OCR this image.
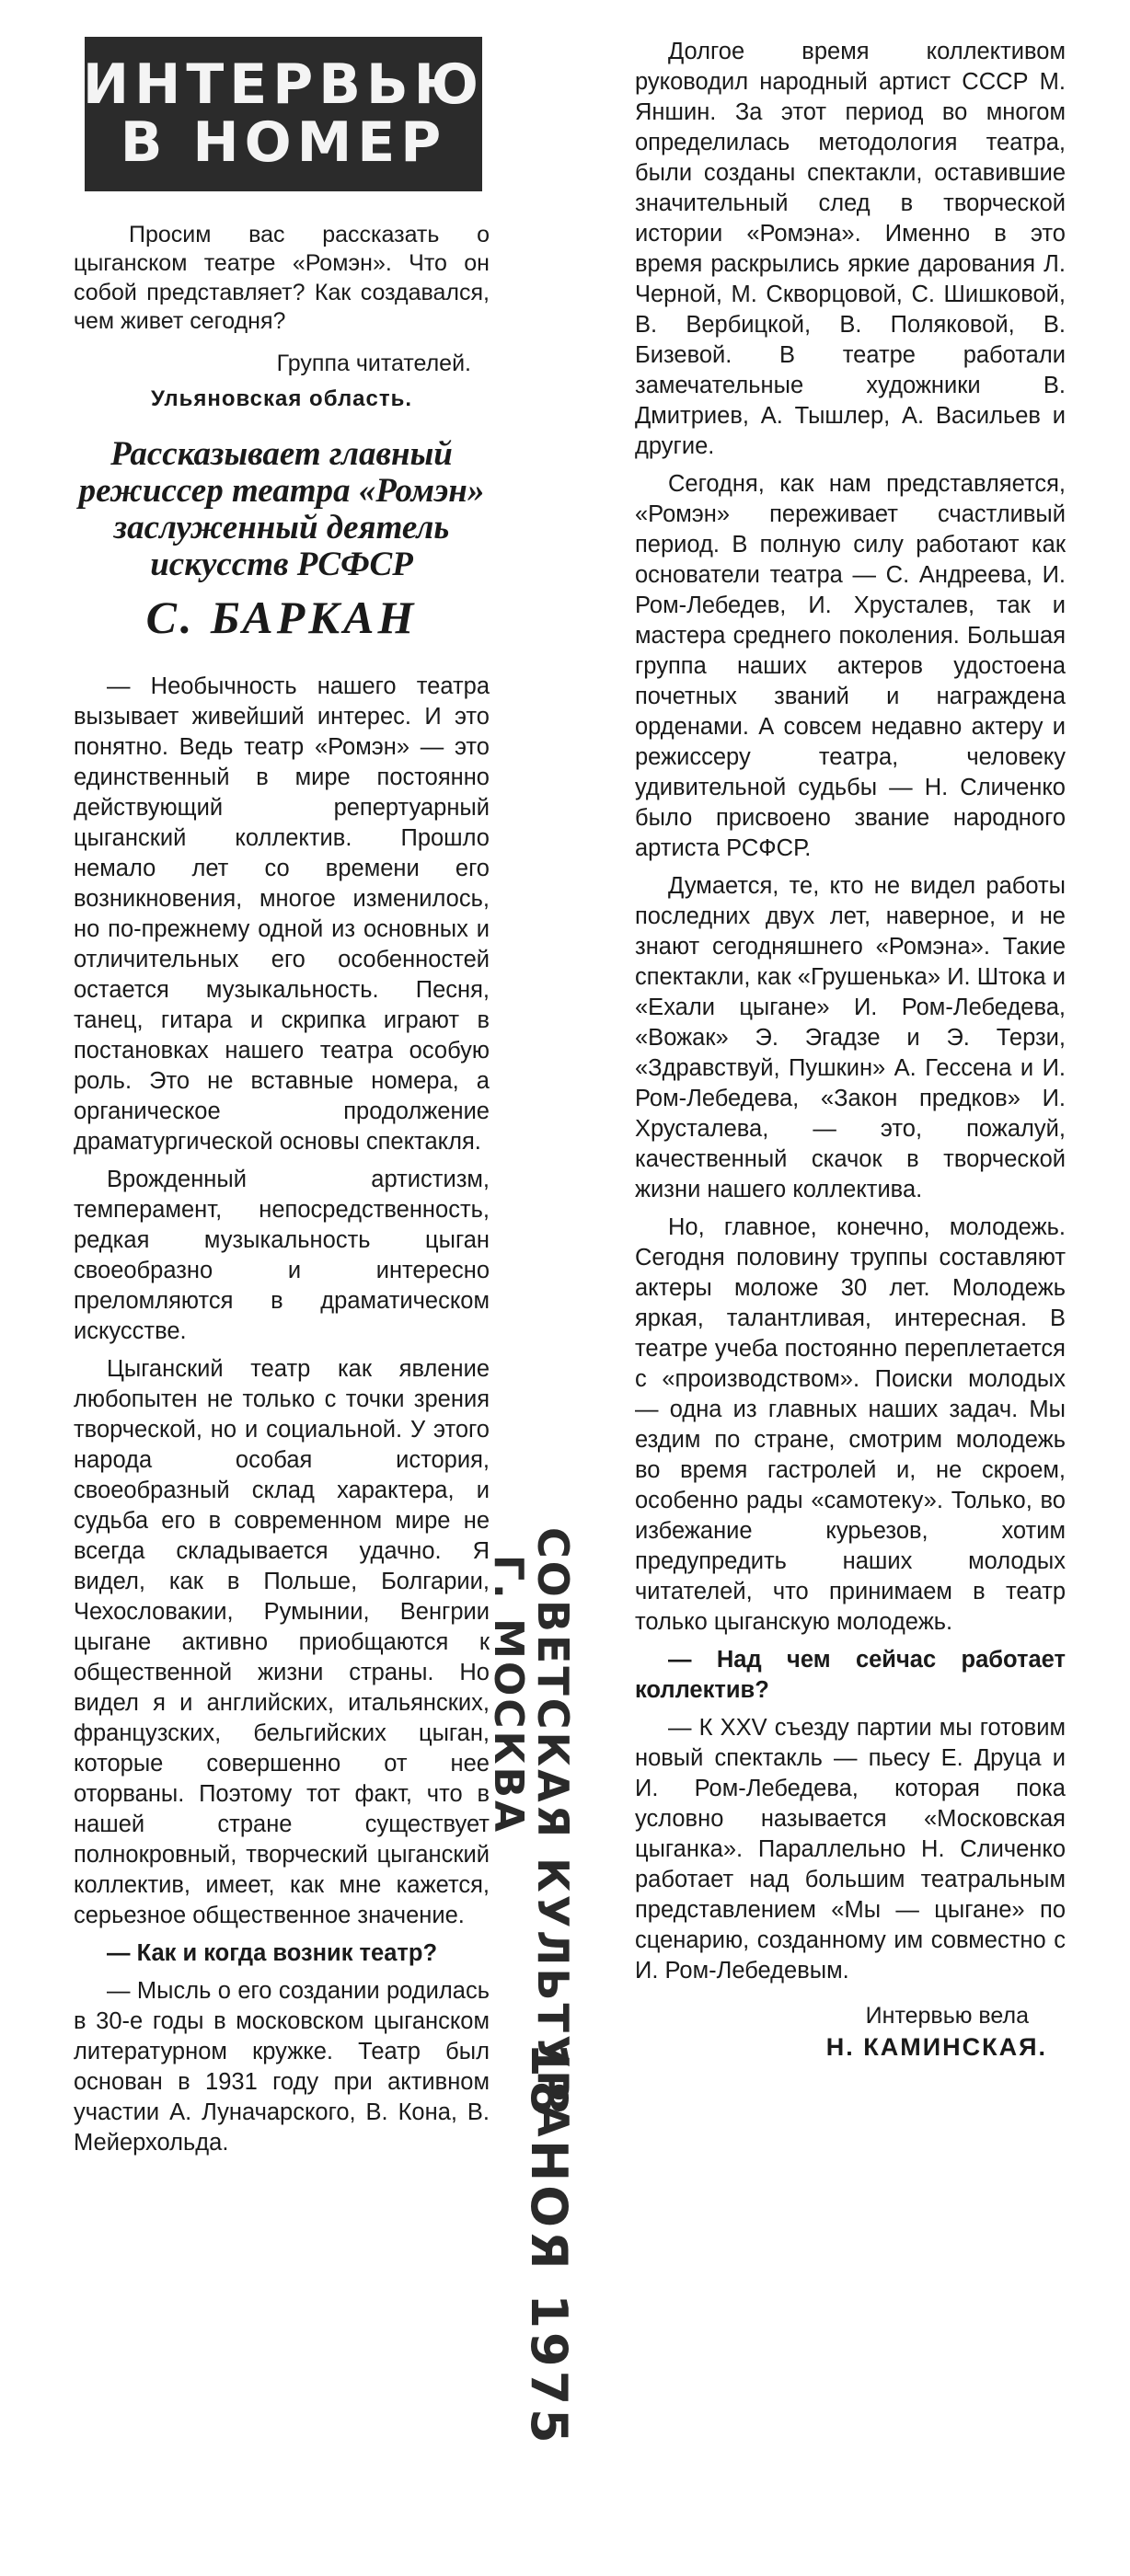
ИНТЕРВЬЮ
В НОМЕР

Просим вас рассказать о цыганском театре «Ромэн». Что он собой представляет? Как создавался, чем живет сегодня?

Группа читателей.

Ульяновская область.

Рассказывает главный режиссер театра «Ромэн» заслуженный деятель искусств РСФСР

С. БАРКАН

— Необычность нашего театра вызывает живейший интерес. И это понятно. Ведь театр «Ромэн» — это единственный в мире постоянно действующий репертуарный цыганский коллектив. Прошло немало лет со времени его возникновения, многое изменилось, но по-прежнему одной из основных и отличительных его особенностей остается музыкальность. Песня, танец, гитара и скрипка играют в постановках нашего театра особую роль. Это не вставные номера, а органическое продолжение драматургической основы спектакля.

Врожденный артистизм, темперамент, непосредственность, редкая музыкальность цыган своеобразно и интересно преломляются в драматическом искусстве.

Цыганский театр как явление любопытен не только с точки зрения творческой, но и социальной. У этого народа особая история, своеобразный склад характера, и судьба его в современном мире не всегда складывается удачно. Я видел, как в Польше, Болгарии, Чехословакии, Румынии, Венгрии цыгане активно приобщаются к общественной жизни страны. Но видел я и английских, итальянских, французских, бельгийских цыган, которые совершенно от нее оторваны. Поэтому тот факт, что в нашей стране существует полнокровный, творческий цыганский коллектив, имеет, как мне кажется, серьезное общественное значение.

— Как и когда возник театр?

— Мысль о его создании родилась в 30-е годы в московском цыганском литературном кружке. Театр был основан в 1931 году при активном участии А. Луначарского, В. Кона, В. Мейерхольда.

СОВЕТСКАЯ КУЛЬТУРА
Г. МОСКВА
18 НОЯ 1975

Долгое время коллективом руководил народный артист СССР М. Яншин. За этот период во многом определилась методология театра, были созданы спектакли, оставившие значительный след в творческой истории «Ромэна». Именно в это время раскрылись яркие дарования Л. Черной, М. Скворцовой, С. Шишковой, В. Вербицкой, В. Поляковой, В. Бизевой. В театре работали замечательные художники В. Дмитриев, А. Тышлер, А. Васильев и другие.

Сегодня, как нам представляется, «Ромэн» переживает счастливый период. В полную силу работают как основатели театра — С. Андреева, И. Ром-Лебедев, И. Хрусталев, так и мастера среднего поколения. Большая группа наших актеров удостоена почетных званий и награждена орденами. А совсем недавно актеру и режиссеру театра, человеку удивительной судьбы — Н. Сличенко было присвоено звание народного артиста РСФСР.

Думается, те, кто не видел работы последних двух лет, наверное, и не знают сегодняшнего «Ромэна». Такие спектакли, как «Грушенька» И. Штока и «Ехали цыгане» И. Ром-Лебедева, «Вожак» Э. Эгадзе и Э. Терзи, «Здравствуй, Пушкин» А. Гессена и И. Ром-Лебедева, «Закон предков» И. Хрусталева, — это, пожалуй, качественный скачок в творческой жизни нашего коллектива.

Но, главное, конечно, молодежь. Сегодня половину труппы составляют актеры моложе 30 лет. Молодежь яркая, талантливая, интересная. В театре учеба постоянно переплетается с «производством». Поиски молодых — одна из главных наших задач. Мы ездим по стране, смотрим молодежь во время гастролей и, не скроем, особенно рады «самотеку». Только, во избежание курьезов, хотим предупредить наших молодых читателей, что принимаем в театр только цыганскую молодежь.

— Над чем сейчас работает коллектив?

— К XXV съезду партии мы готовим новый спектакль — пьесу Е. Друца и И. Ром-Лебедева, которая пока условно называется «Московская цыганка». Параллельно Н. Сличенко работает над большим театральным представлением «Мы — цыгане» по сценарию, созданному им совместно с И. Ром-Лебедевым.

Интервью вела

Н. КАМИНСКАЯ.
